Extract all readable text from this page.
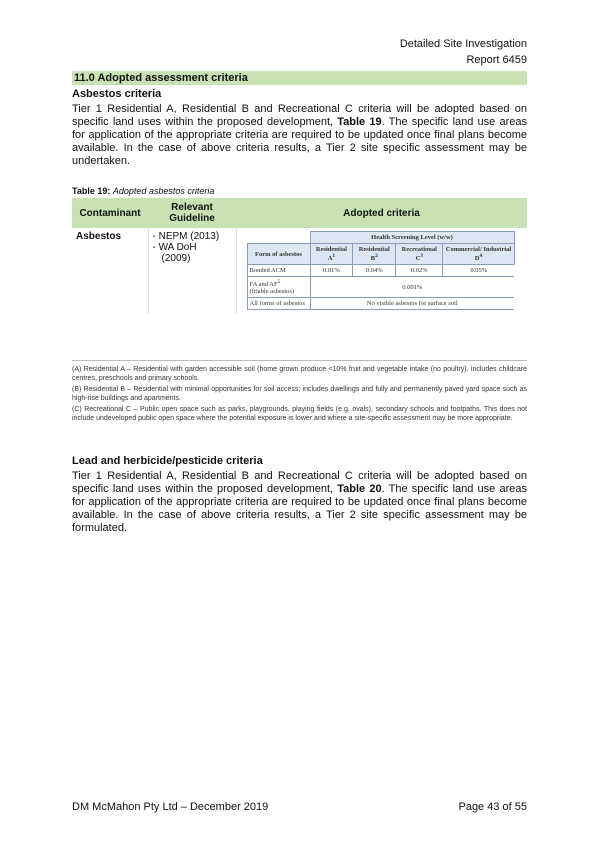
Detailed Site Investigation
Report 6459
11.0 Adopted assessment criteria
Asbestos criteria
Tier 1 Residential A, Residential B and Recreational C criteria will be adopted based on specific land uses within the proposed development, Table 19. The specific land use areas for application of the appropriate criteria are required to be updated once final plans become available. In the case of above criteria results, a Tier 2 site specific assessment may be undertaken.
Table 19: Adopted asbestos criteria
Contaminant	Relevant Guideline	Adopted criteria
Asbestos	- NEPM (2013)
- WA DoH
(2009)

	Health Screening Level (w/w)
Form of asbestos	Residential $A^1$	Residential $B^2$	Recreational $C^3$	Commercial/ Industrial $D^4$
Bonded ACM	0.01%	0.04%	0.02%	0.05%
FA and $AF^5$
(friable asbestos)	0.001%
All forms of asbestos	No visible asbestos for surface soil
(A) Residential A – Residential with garden accessible soil (home grown produce <10% fruit and vegetable intake (no poultry), includes childcare centres, preschools and primary schools.
(B) Residential B – Residential with minimal opportunities for soil access; includes dwellings and fully and permanently paved yard space such as high-rise buildings and apartments.
(C) Recreational C – Public open space such as parks, playgrounds, playing fields (e.g. ovals), secondary schools and footpaths. This does not include undeveloped public open space where the potential exposure is lower and where a site-specific assessment may be more appropriate.
Lead and herbicide/pesticide criteria
Tier 1 Residential A, Residential B and Recreational C criteria will be adopted based on specific land uses within the proposed development, Table 20. The specific land use areas for application of the appropriate criteria are required to be updated once final plans become available. In the case of above criteria results, a Tier 2 site specific assessment may be formulated.
DM McMahon Pty Ltd – December 2019	Page 43 of 55
